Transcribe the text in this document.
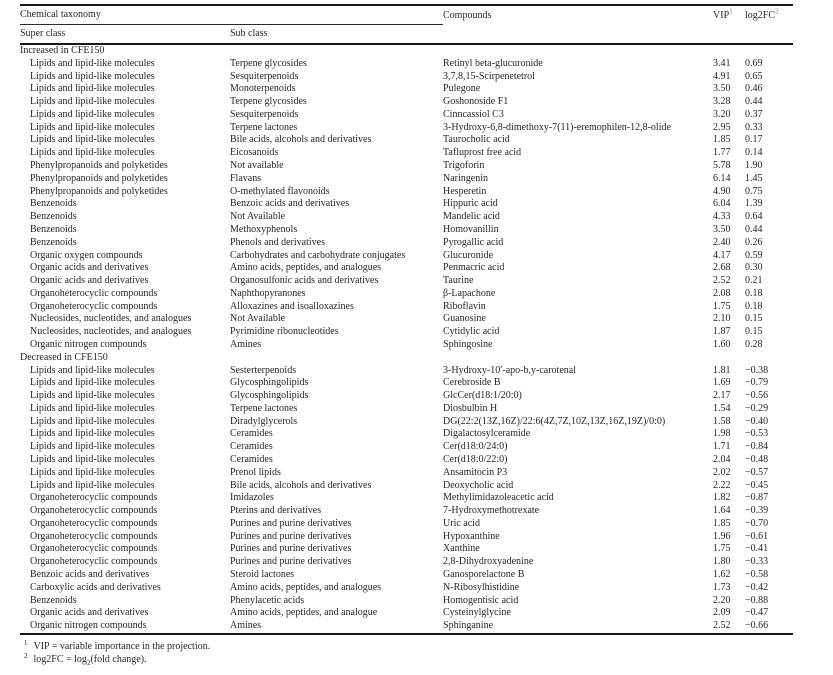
Chemical taxonomy		Compounds	VIP$^1$	log2FC$^2$
Super class	Sub class			
Increased in CFE150				
Lipids and lipid-like molecules	Terpene glycosides	Retinyl beta-glucuronide	3.41	0.69
Lipids and lipid-like molecules	Sesquiterpenoids	3,7,8,15-Scirpenetetrol	4.91	0.65
Lipids and lipid-like molecules	Monoterpenoids	Pulegone	3.50	0.46
Lipids and lipid-like molecules	Terpene glycosides	Goshonoside F1	3.28	0.44
Lipids and lipid-like molecules	Sesquiterpenoids	Cinncassiol C3	3.20	0.37
Lipids and lipid-like molecules	Terpene lactones	3-Hydroxy-6,8-dimethoxy-7(11)-eremophilen-12,8-olide	2.95	0.33
Lipids and lipid-like molecules	Bile acids, alcohols and derivatives	Taurocholic acid	1.85	0.17
Lipids and lipid-like molecules	Eicosanoids	Tafluprost free acid	1.77	0.14
Phenylpropanoids and polyketides	Not available	Trigoforin	5.78	1.90
Phenylpropanoids and polyketides	Flavans	Naringenin	6.14	1.45
Phenylpropanoids and polyketides	O-methylated flavonoids	Hesperetin	4.90	0.75
Benzenoids	Benzoic acids and derivatives	Hippuric acid	6.04	1.39
Benzenoids	Not Available	Mandelic acid	4.33	0.64
Benzenoids	Methoxyphenols	Homovanillin	3.50	0.44
Benzenoids	Phenols and derivatives	Pyrogallic acid	2.40	0.26
Organic oxygen compounds	Carbohydrates and carbohydrate conjugates	Glucuronide	4.17	0.59
Organic acids and derivatives	Amino acids, peptides, and analogues	Penmacric acid	2.68	0.30
Organic acids and derivatives	Organosulfonic acids and derivatives	Taurine	2.52	0.21
Organoheterocyclic compounds	Naphthopyranones	β-Lapachone	2.08	0.18
Organoheterocyclic compounds	Alloxazines and isoalloxazines	Riboflavin	1.75	0.18
Nucleosides, nucleotides, and analogues	Not Available	Guanosine	2.10	0.15
Nucleosides, nucleotides, and analogues	Pyrimidine ribonucleotides	Cytidylic acid	1.87	0.15
Organic nitrogen compounds	Amines	Sphingosine	1.60	0.28
Decreased in CFE150				
Lipids and lipid-like molecules	Sesterterpenoids	3-Hydroxy-10′-apo-b,y-carotenal	1.81	−0.38
Lipids and lipid-like molecules	Glycosphingolipids	Cerebroside B	1.69	−0.79
Lipids and lipid-like molecules	Glycosphingolipids	GlcCer(d18:1/20:0)	2.17	−0.56
Lipids and lipid-like molecules	Terpene lactones	Diosbulbin H	1.54	−0.29
Lipids and lipid-like molecules	Diradylglycerols	DG(22:2(13Z,16Z)/22:6(4Z,7Z,10Z,13Z,16Z,19Z)/0:0)	1.58	−0.40
Lipids and lipid-like molecules	Ceramides	Digalactosylceramide	1.98	−0.53
Lipids and lipid-like molecules	Ceramides	Cer(d18:0/24:0)	1.71	−0.84
Lipids and lipid-like molecules	Ceramides	Cer(d18:0/22:0)	2.04	−0.48
Lipids and lipid-like molecules	Prenol lipids	Ansamitocin P3	2.02	−0.57
Lipids and lipid-like molecules	Bile acids, alcohols and derivatives	Deoxycholic acid	2.22	−0.45
Organoheterocyclic compounds	Imidazoles	Methylimidazoleacetic acid	1.82	−0.87
Organoheterocyclic compounds	Pterins and derivatives	7-Hydroxymethotrexate	1.64	−0.39
Organoheterocyclic compounds	Purines and purine derivatives	Uric acid	1.85	−0.70
Organoheterocyclic compounds	Purines and purine derivatives	Hypoxanthine	1.96	−0.61
Organoheterocyclic compounds	Purines and purine derivatives	Xanthine	1.75	−0.41
Organoheterocyclic compounds	Purines and purine derivatives	2,8-Dihydroxyadenine	1.80	−0.33
Benzoic acids and derivatives	Steroid lactones	Ganosporelactone B	1.62	−0.58
Carboxylic acids and derivatives	Amino acids, peptides, and analogues	N-Ribosylhistidine	1.73	−0.42
Benzenoids	Phenylacetic acids	Homogentisic acid	2.20	−0.88
Organic acids and derivatives	Amino acids, peptides, and analogue	Cysteinylglycine	2.09	−0.47
Organic nitrogen compounds	Amines	Sphinganine	2.52	−0.66
$^1$ VIP = variable importance in the projection.
$^2$ $\log 2FC = \log_2(fold$ change).
